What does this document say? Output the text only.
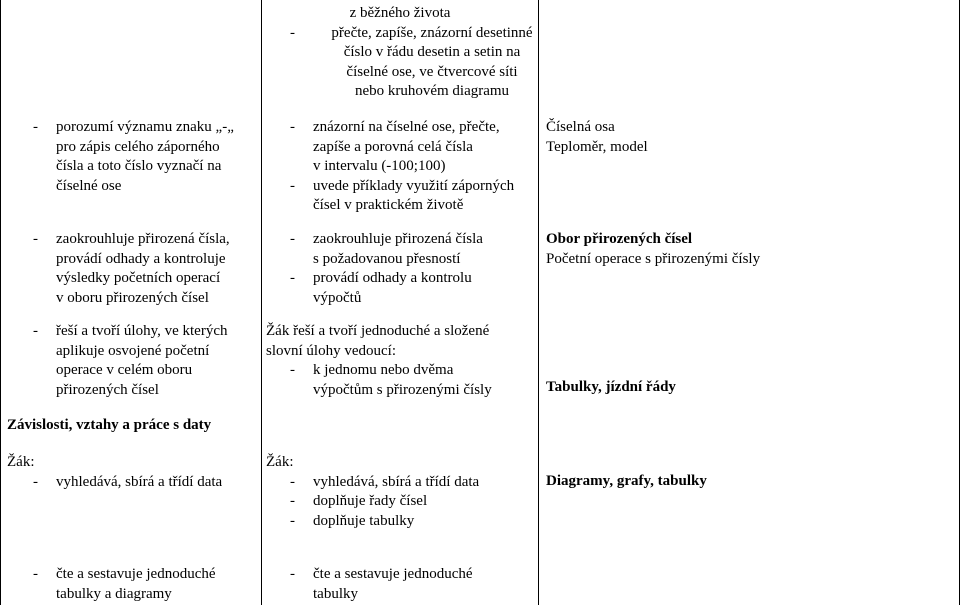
z běžného života
-	přečte, zapíše, znázorní desetinné
číslo v řádu desetin a setin na
číselné ose, ve čtvercové síti
nebo kruhovém diagramu
- porozumí významu znaku „-„
pro zápis celého záporného
čísla a toto číslo vyznačí na
číselné ose
- znázorní na číselné ose, přečte,
zapíše a porovná celá čísla
v intervalu (-100;100)
- uvede příklady využití záporných
čísel v praktickém životě
Číselná osa
Teploměr, model
- zaokrouhluje přirozená čísla,
provádí odhady a kontroluje
výsledky početních operací
v oboru přirozených čísel
- zaokrouhluje přirozená čísla
s požadovanou přesností
- provádí odhady a kontrolu
výpočtů
Obor přirozených čísel
Početní operace s přirozenými čísly
- řeší a tvoří úlohy, ve kterých
aplikuje osvojené početní
operace v celém oboru
přirozených čísel
Žák řeší a tvoří jednoduché a složené
slovní úlohy vedoucí:
- k jednomu nebo dvěma
výpočtům s přirozenými čísly	Tabulky, jízdní řády
Závislosti, vztahy a práce s daty
Žák:
- vyhledává, sbírá a třídí data
Žák:
- vyhledává, sbírá a třídí data
- doplňuje řady čísel
- doplňuje tabulky
Diagramy, grafy, tabulky
- čte a sestavuje jednoduché
tabulky a diagramy
- čte a sestavuje jednoduché
tabulky
